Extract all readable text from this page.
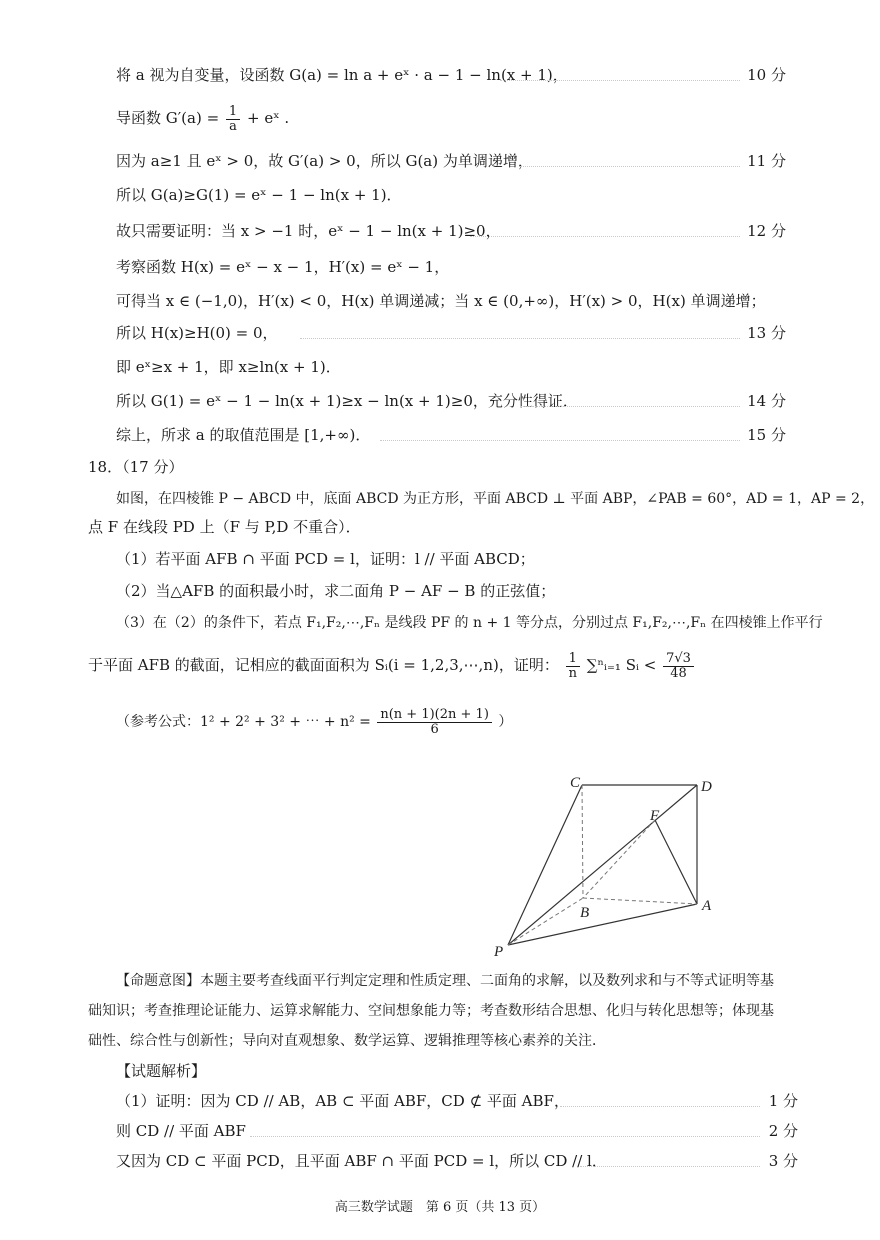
将 a 视为自变量，设函数 G(a) = ln a + eˣ · a − 1 − ln(x + 1)，	10 分
导函数 $G'(a) = \frac{1}{a}$ + eˣ .
因为 a≥1 且 eˣ > 0，故 G′(a) > 0，所以 G(a) 为单调递增，	11 分
所以 G(a)≥G(1) = eˣ − 1 − ln(x + 1)．
故只需要证明：当 x > −1 时，eˣ − 1 − ln(x + 1)≥0，	12 分
考察函数 H(x) = eˣ − x − 1，H′(x) = eˣ − 1，
可得当 x ∈ (−1,0)，H′(x) < 0，H(x) 单调递减；当 x ∈ (0,+∞)，H′(x) > 0，H(x) 单调递增；
所以 H(x)≥H(0) = 0，	13 分
即 eˣ≥x + 1，即 x≥ln(x + 1)．
所以 G(1) = eˣ − 1 − ln(x + 1)≥x − ln(x + 1)≥0，充分性得证．	14 分
综上，所求 a 的取值范围是 [1,+∞)．	15 分
18．（17 分）
如图，在四棱锥 P − ABCD 中，底面 ABCD 为正方形，平面 ABCD ⊥ 平面 ABP，∠PAB = 60°，AD = 1，AP = 2，
点 F 在线段 PD 上（F 与 P,D 不重合）．
（1）若平面 AFB ∩ 平面 PCD = l，证明：l // 平面 ABCD；
（2）当△AFB 的面积最小时，求二面角 P − AF − B 的正弦值；
（3）在（2）的条件下，若点 F₁,F₂,⋯,Fₙ 是线段 PF 的 n + 1 等分点，分别过点 F₁,F₂,⋯,Fₙ 在四棱锥上作平行
于平面 AFB 的截面，记相应的截面面积为 Sᵢ(i = 1,2,3,⋯,n)，证明： $\frac{1}{n}$ ∑ⁿᵢ₌₁ Sᵢ < $\frac{7√3}{48}$
（参考公式：1² + 2² + 3² + ⋯ + $n^2 = \frac{n(n + 1)(2n + 1)}{6}$ ）
C	D
F
B	A
P
【命题意图】本题主要考查线面平行判定定理和性质定理、二面角的求解，以及数列求和与不等式证明等基
础知识；考查推理论证能力、运算求解能力、空间想象能力等；考查数形结合思想、化归与转化思想等；体现基
础性、综合性与创新性；导向对直观想象、数学运算、逻辑推理等核心素养的关注．
【试题解析】
（1）证明：因为 CD // AB，AB ⊂ 平面 ABF，CD ⊄ 平面 ABF，	1 分
则 CD // 平面 ABF	2 分
又因为 CD ⊂ 平面 PCD，且平面 ABF ∩ 平面 PCD = l，所以 CD // l．	3 分
高三数学试题　第 6 页（共 13 页）
